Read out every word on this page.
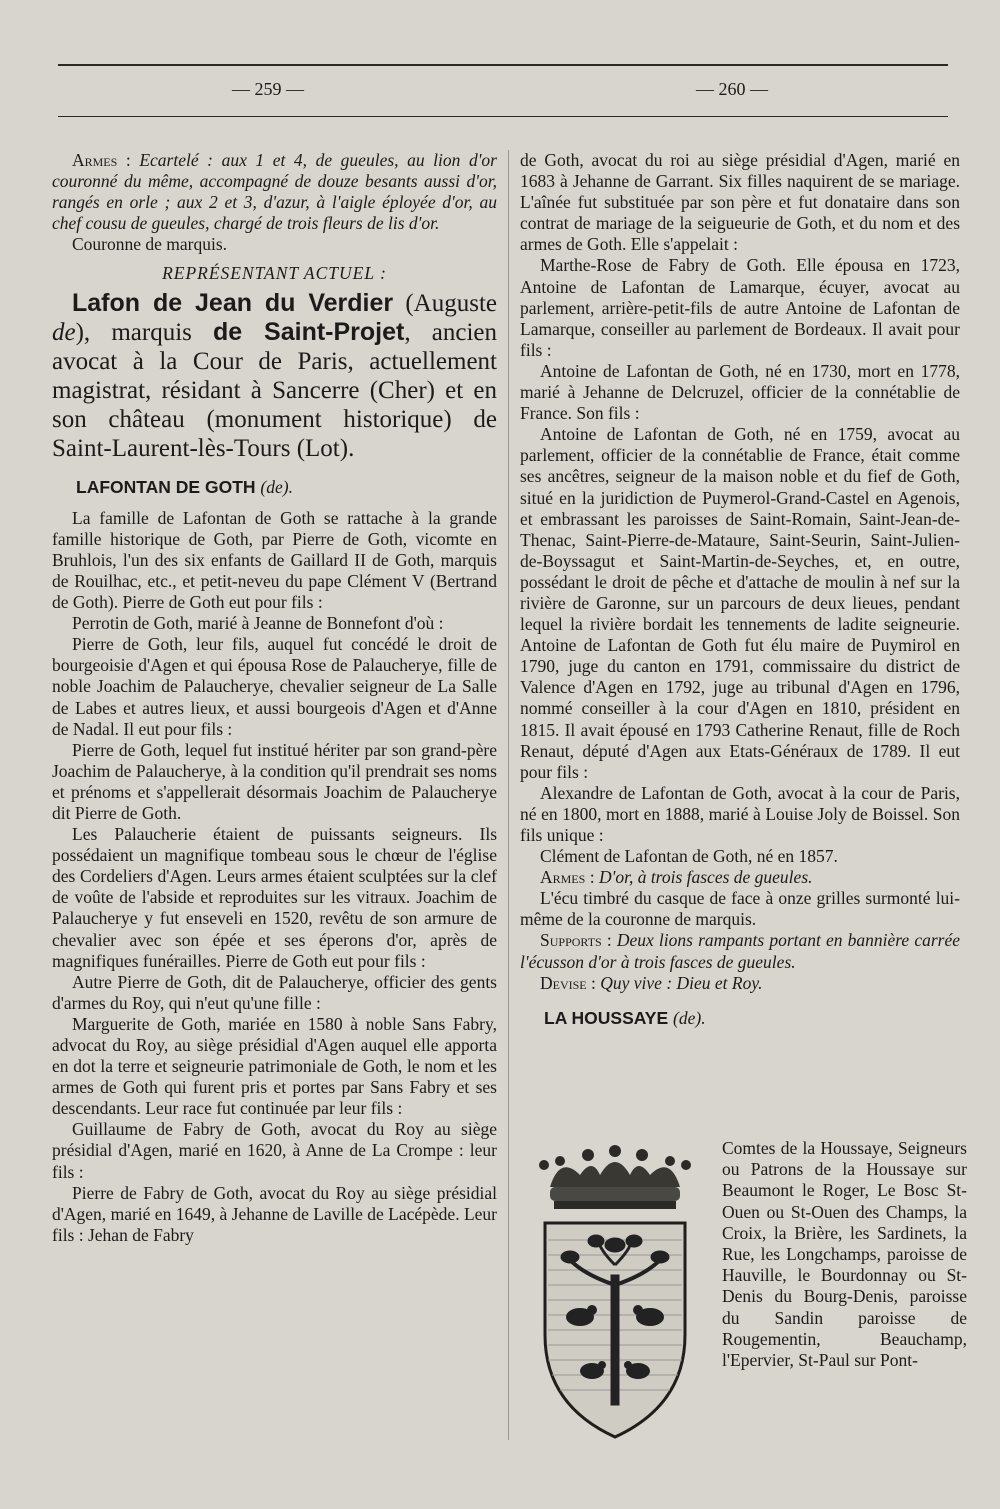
— 259 —	— 260 —

Armes : Ecartelé : aux 1 et 4, de gueules, au lion d'or couronné du même, accompagné de douze besants aussi d'or, rangés en orle ; aux 2 et 3, d'azur, à l'aigle éployée d'or, au chef cousu de gueules, chargé de trois fleurs de lis d'or.

Couronne de marquis.

REPRÉSENTANT ACTUEL :

Lafon de Jean du Verdier (Auguste de), marquis de Saint-Projet, ancien avocat à la Cour de Paris, actuellement magistrat, résidant à Sancerre (Cher) et en son château (monument historique) de Saint-Laurent-lès-Tours (Lot).

LAFONTAN DE GOTH (de).

La famille de Lafontan de Goth se rattache à la grande famille historique de Goth, par Pierre de Goth, vicomte en Bruhlois, l'un des six enfants de Gaillard II de Goth, marquis de Rouilhac, etc., et petit-neveu du pape Clément V (Bertrand de Goth). Pierre de Goth eut pour fils :

Perrotin de Goth, marié à Jeanne de Bonnefont d'où :

Pierre de Goth, leur fils, auquel fut concédé le droit de bourgeoisie d'Agen et qui épousa Rose de Palaucherye, fille de noble Joachim de Palaucherye, chevalier seigneur de La Salle de Labes et autres lieux, et aussi bourgeois d'Agen et d'Anne de Nadal. Il eut pour fils :

Pierre de Goth, lequel fut institué hériter par son grand-père Joachim de Palaucherye, à la condition qu'il prendrait ses noms et prénoms et s'appellerait désormais Joachim de Palaucherye dit Pierre de Goth.

Les Palaucherie étaient de puissants seigneurs. Ils possédaient un magnifique tombeau sous le chœur de l'église des Cordeliers d'Agen. Leurs armes étaient sculptées sur la clef de voûte de l'abside et reproduites sur les vitraux. Joachim de Palaucherye y fut enseveli en 1520, revêtu de son armure de chevalier avec son épée et ses éperons d'or, après de magnifiques funérailles. Pierre de Goth eut pour fils :

Autre Pierre de Goth, dit de Palaucherye, officier des gents d'armes du Roy, qui n'eut qu'une fille :

Marguerite de Goth, mariée en 1580 à noble Sans Fabry, advocat du Roy, au siège présidial d'Agen auquel elle apporta en dot la terre et seigneurie patrimoniale de Goth, le nom et les armes de Goth qui furent pris et portes par Sans Fabry et ses descendants. Leur race fut continuée par leur fils :

Guillaume de Fabry de Goth, avocat du Roy au siège présidial d'Agen, marié en 1620, à Anne de La Crompe : leur fils :

Pierre de Fabry de Goth, avocat du Roy au siège présidial d'Agen, marié en 1649, à Jehanne de Laville de Lacépède. Leur fils : Jehan de Fabry

de Goth, avocat du roi au siège présidial d'Agen, marié en 1683 à Jehanne de Garrant. Six filles naquirent de se mariage. L'aînée fut substituée par son père et fut donataire dans son contrat de mariage de la seigueurie de Goth, et du nom et des armes de Goth. Elle s'appelait :

Marthe-Rose de Fabry de Goth. Elle épousa en 1723, Antoine de Lafontan de Lamarque, écuyer, avocat au parlement, arrière-petit-fils de autre Antoine de Lafontan de Lamarque, conseiller au parlement de Bordeaux. Il avait pour fils :

Antoine de Lafontan de Goth, né en 1730, mort en 1778, marié à Jehanne de Delcruzel, officier de la connétablie de France. Son fils :

Antoine de Lafontan de Goth, né en 1759, avocat au parlement, officier de la connétablie de France, était comme ses ancêtres, seigneur de la maison noble et du fief de Goth, situé en la juridiction de Puymerol-Grand-Castel en Agenois, et embrassant les paroisses de Saint-Romain, Saint-Jean-de-Thenac, Saint-Pierre-de-Mataure, Saint-Seurin, Saint-Julien-de-Boyssagut et Saint-Martin-de-Seyches, et, en outre, possédant le droit de pêche et d'attache de moulin à nef sur la rivière de Garonne, sur un parcours de deux lieues, pendant lequel la rivière bordait les tennements de ladite seigneurie. Antoine de Lafontan de Goth fut élu maire de Puymirol en 1790, juge du canton en 1791, commissaire du district de Valence d'Agen en 1792, juge au tribunal d'Agen en 1796, nommé conseiller à la cour d'Agen en 1810, président en 1815. Il avait épousé en 1793 Catherine Renaut, fille de Roch Renaut, député d'Agen aux Etats-Généraux de 1789. Il eut pour fils :

Alexandre de Lafontan de Goth, avocat à la cour de Paris, né en 1800, mort en 1888, marié à Louise Joly de Boissel. Son fils unique :

Clément de Lafontan de Goth, né en 1857.

Armes : D'or, à trois fasces de gueules.

L'écu timbré du casque de face à onze grilles surmonté lui-même de la couronne de marquis.

Supports : Deux lions rampants portant en bannière carrée l'écusson d'or à trois fasces de gueules.

Devise : Quy vive : Dieu et Roy.

LA HOUSSAYE (de).

Comtes de la Houssaye, Seigneurs ou Patrons de la Houssaye sur Beaumont le Roger, Le Bosc St-Ouen ou St-Ouen des Champs, la Croix, la Brière, les Sardinets, la Rue, les Longchamps, paroisse de Hauville, le Bourdonnay ou St-Denis du Bourg-Denis, paroisse du Sandin paroisse de Rougementin, Beauchamp, l'Epervier, St-Paul sur Pont-
